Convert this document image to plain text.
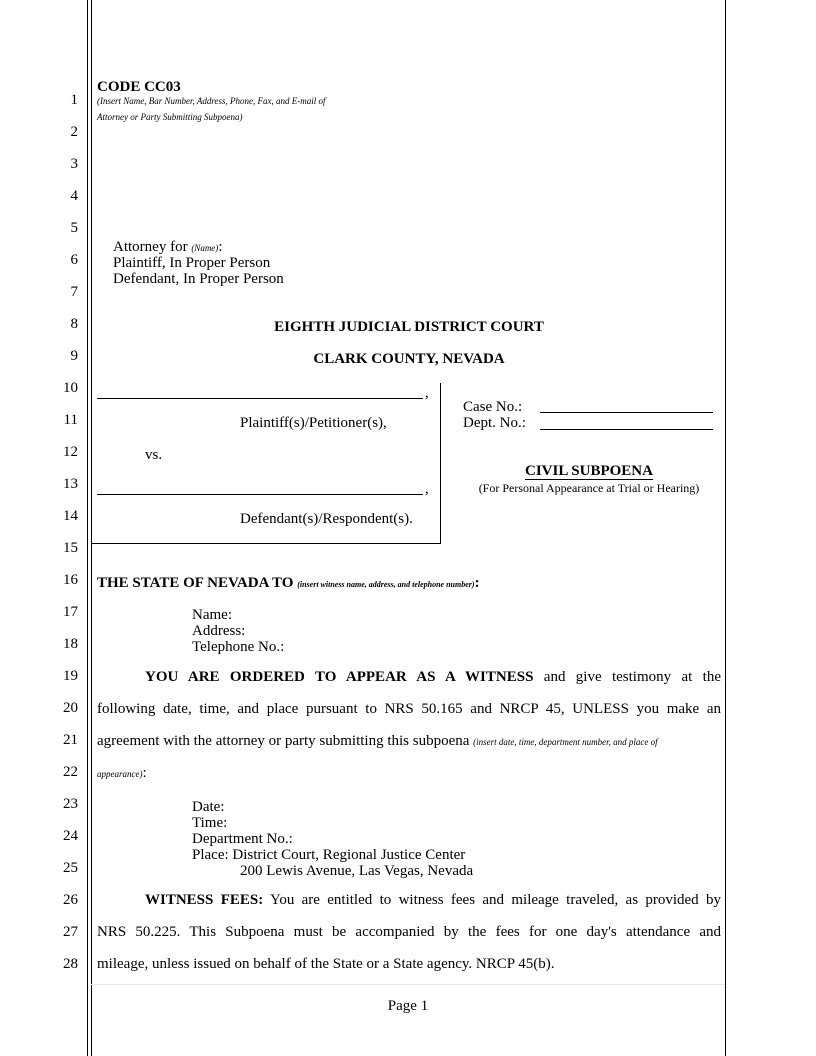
1
2
3
4
5
6
7
8
9
10
11
12
13
14
15
16
17
18
19
20
21
22
23
24
25
26
27
28
CODE CC03
(Insert Name, Bar Number, Address, Phone, Fax, and E-mail of
Attorney or Party Submitting Subpoena)
Attorney for (Name):
Plaintiff, In Proper Person
Defendant, In Proper Person
EIGHTH JUDICIAL DISTRICT COURT
CLARK COUNTY, NEVADA
,
Plaintiff(s)/Petitioner(s),
vs.
,
Defendant(s)/Respondent(s).
Case No.:
Dept. No.:
CIVIL SUBPOENA
(For Personal Appearance at Trial or Hearing)
THE STATE OF NEVADA TO (insert witness name, address, and telephone number):
Name:
Address:
Telephone No.:
YOU ARE ORDERED TO APPEAR AS A WITNESS and give testimony at the
following date, time, and place pursuant to NRS 50.165 and NRCP 45, UNLESS you make an
agreement with the attorney or party submitting this subpoena (insert date, time, department number, and place of
appearance):
Date:
Time:
Department No.:
Place: District Court, Regional Justice Center
200 Lewis Avenue, Las Vegas, Nevada
WITNESS FEES: You are entitled to witness fees and mileage traveled, as provided by
NRS 50.225. This Subpoena must be accompanied by the fees for one day's attendance and
mileage, unless issued on behalf of the State or a State agency. NRCP 45(b).
Page 1
